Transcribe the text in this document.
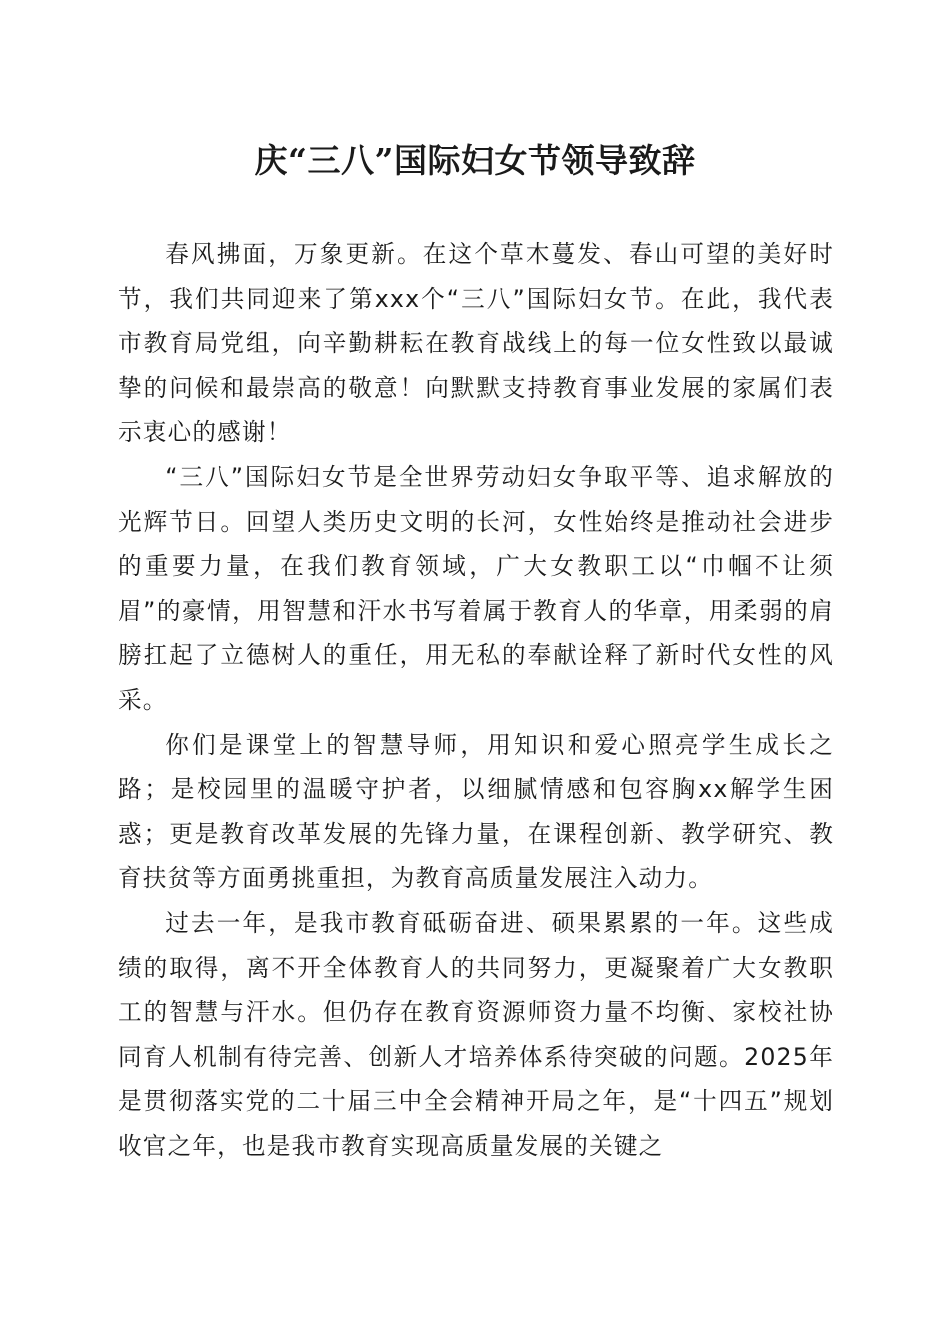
庆“三八”国际妇女节领导致辞

春风拂面，万象更新。在这个草木蔓发、春山可望的美好时节，我们共同迎来了第xxx个“三八”国际妇女节。在此，我代表市教育局党组，向辛勤耕耘在教育战线上的每一位女性致以最诚挚的问候和最崇高的敬意！向默默支持教育事业发展的家属们表示衷心的感谢！

“三八”国际妇女节是全世界劳动妇女争取平等、追求解放的光辉节日。回望人类历史文明的长河，女性始终是推动社会进步的重要力量，在我们教育领域，广大女教职工以“巾帼不让须眉”的豪情，用智慧和汗水书写着属于教育人的华章，用柔弱的肩膀扛起了立德树人的重任，用无私的奉献诠释了新时代女性的风采。

你们是课堂上的智慧导师，用知识和爱心照亮学生成长之路；是校园里的温暖守护者，以细腻情感和包容胸xx解学生困惑；更是教育改革发展的先锋力量，在课程创新、教学研究、教育扶贫等方面勇挑重担，为教育高质量发展注入动力。

过去一年，是我市教育砥砺奋进、硕果累累的一年。这些成绩的取得，离不开全体教育人的共同努力，更凝聚着广大女教职工的智慧与汗水。但仍存在教育资源师资力量不均衡、家校社协同育人机制有待完善、创新人才培养体系待突破的问题。2025年是贯彻落实党的二十届三中全会精神开局之年，是“十四五”规划收官之年，也是我市教育实现高质量发展的关键之
